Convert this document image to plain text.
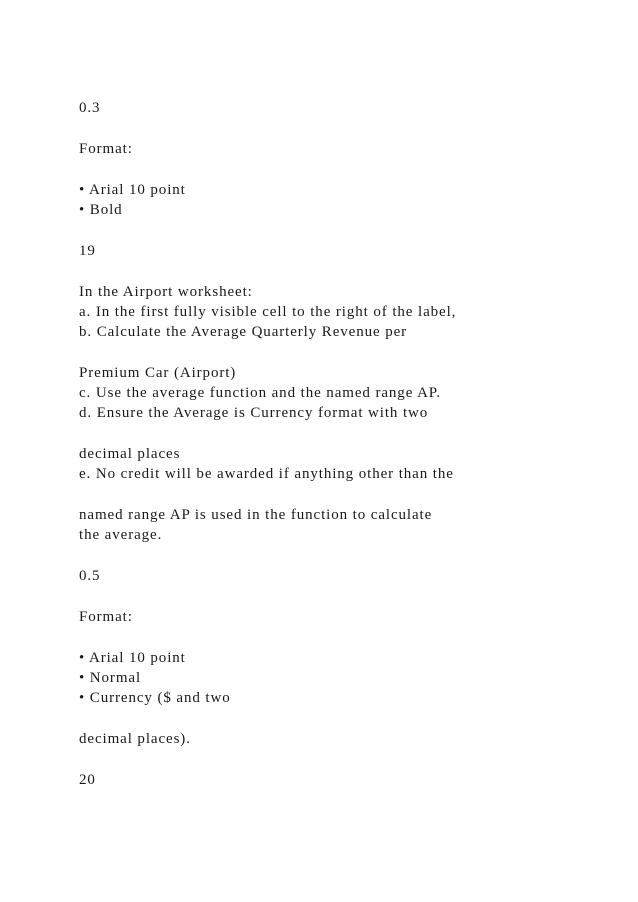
0.3
Format:
• Arial 10 point
• Bold
19
In the Airport worksheet:
a. In the first fully visible cell to the right of the label,
b. Calculate the Average Quarterly Revenue per
Premium Car (Airport)
c. Use the average function and the named range AP.
d. Ensure the Average is Currency format with two
decimal places
e. No credit will be awarded if anything other than the
named range AP is used in the function to calculate
the average.
0.5
Format:
• Arial 10 point
• Normal
• Currency ($ and two
decimal places).
20
